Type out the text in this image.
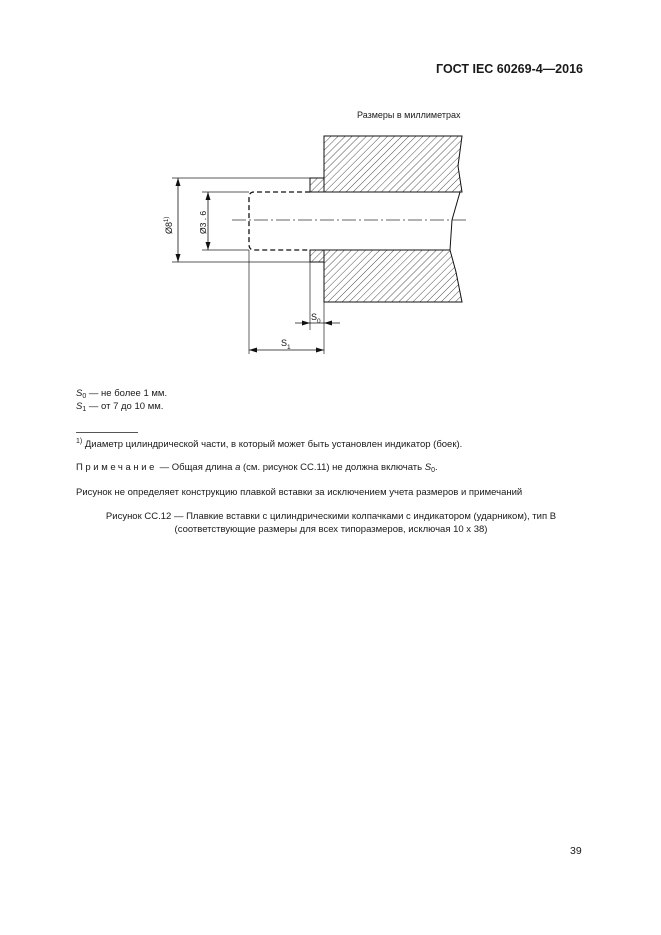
ГОСТ IEC 60269-4—2016
Размеры в миллиметрах
Ø8$^{1)}$	Ø3 . 6
$S_0$
$S_1$
$S_0$ — не более 1 мм.
$S_1$ — от 7 до 10 мм.
$^{1)}$ Диаметр цилиндрической части, в который может быть установлен индикатор (боек).
Примечание — Общая длина a (см. рисунок СС.11) не должна включать $S_0$.
Рисунок не определяет конструкцию плавкой вставки за исключением учета размеров и примечаний
Рисунок СС.12 — Плавкие вставки с цилиндрическими колпачками с индикатором (ударником), тип В
(соответствующие размеры для всех типоразмеров, исключая 10 х 38)
39
